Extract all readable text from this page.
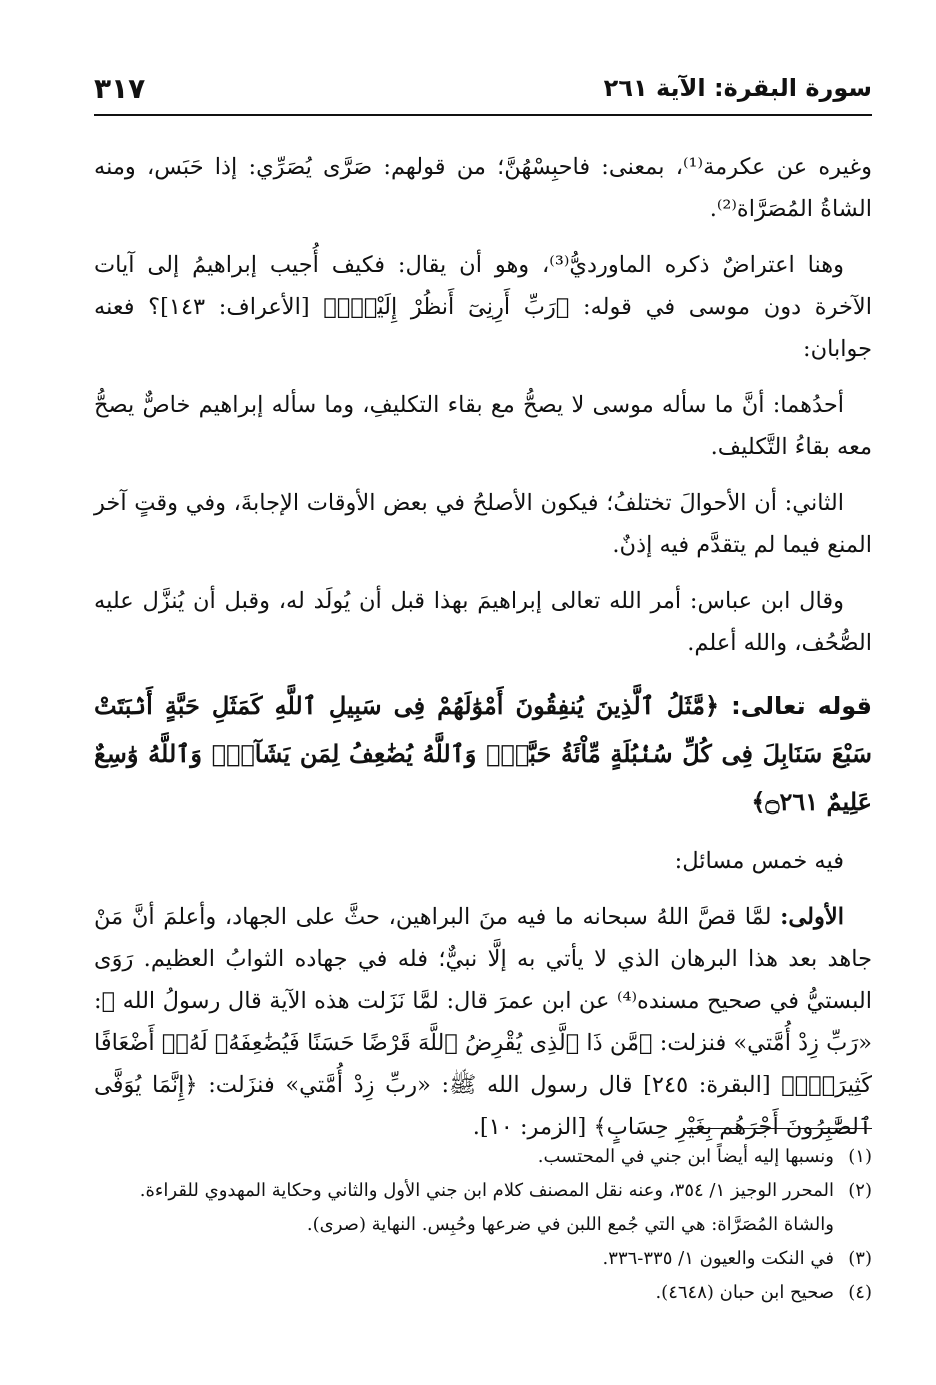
سورة البقرة: الآية ٢٦١
٣١٧

وغيره عن عكرمة⁽¹⁾، بمعنى: فاحبِسْهُنَّ؛ من قولهم: صَرَّى يُصَرِّي: إذا حَبَس، ومنه الشاةُ المُصَرَّاة⁽²⁾.

وهنا اعتراضٌ ذكره الماورديُّ⁽³⁾، وهو أن يقال: فكيف أُجيب إبراهيمُ إلى آيات الآخرة دون موسى في قوله: ﴿رَبِّ أَرِنِىٓ أَنظُرْ إِلَيْكَۚ﴾ [الأعراف: ١٤٣]؟ فعنه جوابان:

أحدُهما: أنَّ ما سأله موسى لا يصحُّ مع بقاء التكليفِ، وما سأله إبراهيم خاصٌّ يصحُّ معه بقاءُ التَّكليف.

الثاني: أن الأحوالَ تختلفُ؛ فيكون الأصلحُ في بعض الأوقات الإجابةَ، وفي وقتٍ آخر المنع فيما لم يتقدَّم فيه إذنٌ.

وقال ابن عباس: أمر الله تعالى إبراهيمَ بهذا قبل أن يُولَد له، وقبل أن يُنزَّل عليه الصُّحُف، والله أعلم.

قوله تعالى: ﴿مَّثَلُ ٱلَّذِينَ يُنفِقُونَ أَمْوَٰلَهُمْ فِى سَبِيلِ ٱللَّهِ كَمَثَلِ حَبَّةٍ أَنۢبَتَتْ سَبْعَ سَنَابِلَ فِى كُلِّ سُنۢبُلَةٍ مِّاْئَةُ حَبَّةٍۗ وَٱللَّهُ يُضَٰعِفُ لِمَن يَشَآءُۗ وَٱللَّهُ وَٰسِعٌ عَلِيمٌ ۝٢٦١﴾

فيه خمس مسائل:

الأولى: لمَّا قصَّ اللهُ سبحانه ما فيه منَ البراهين، حثَّ على الجهاد، وأعلمَ أنَّ مَنْ جاهد بعد هذا البرهان الذي لا يأتي به إلَّا نبيٌّ؛ فله في جهاده الثوابُ العظيم. رَوَى البستيُّ في صحيح مسنده⁽⁴⁾ عن ابن عمرَ قال: لمَّا نَزَلت هذه الآية قال رسولُ الله ﷺ: «رَبِّ زِدْ أُمَّتي» فنزلت: ﴿مَّن ذَا ٱلَّذِى يُقْرِضُ ٱللَّهَ قَرْضًا حَسَنًا فَيُضَٰعِفَهُۥ لَهُۥٓ أَضْعَافًا كَثِيرَةًۚ﴾ [البقرة: ٢٤٥] قال رسول الله ﷺ: «ربِّ زِدْ أُمَّتي» فنزَلت: ﴿إِنَّمَا يُوَفَّى ٱلصَّٰبِرُونَ أَجْرَهُم بِغَيْرِ حِسَابٍ﴾ [الزمر: ١٠].

(١)ونسبها إليه أيضاً ابن جني في المحتسب.
(٢)المحرر الوجيز ١/ ٣٥٤، وعنه نقل المصنف كلام ابن جني الأول والثاني وحكاية المهدوي للقراءة.
والشاة المُصَرَّاة: هي التي جُمع اللبن في ضرعها وحُبِس. النهاية (صرى).
(٣)في النكت والعيون ١/ ٣٣٥-٣٣٦.
(٤)صحيح ابن حبان (٤٦٤٨).
